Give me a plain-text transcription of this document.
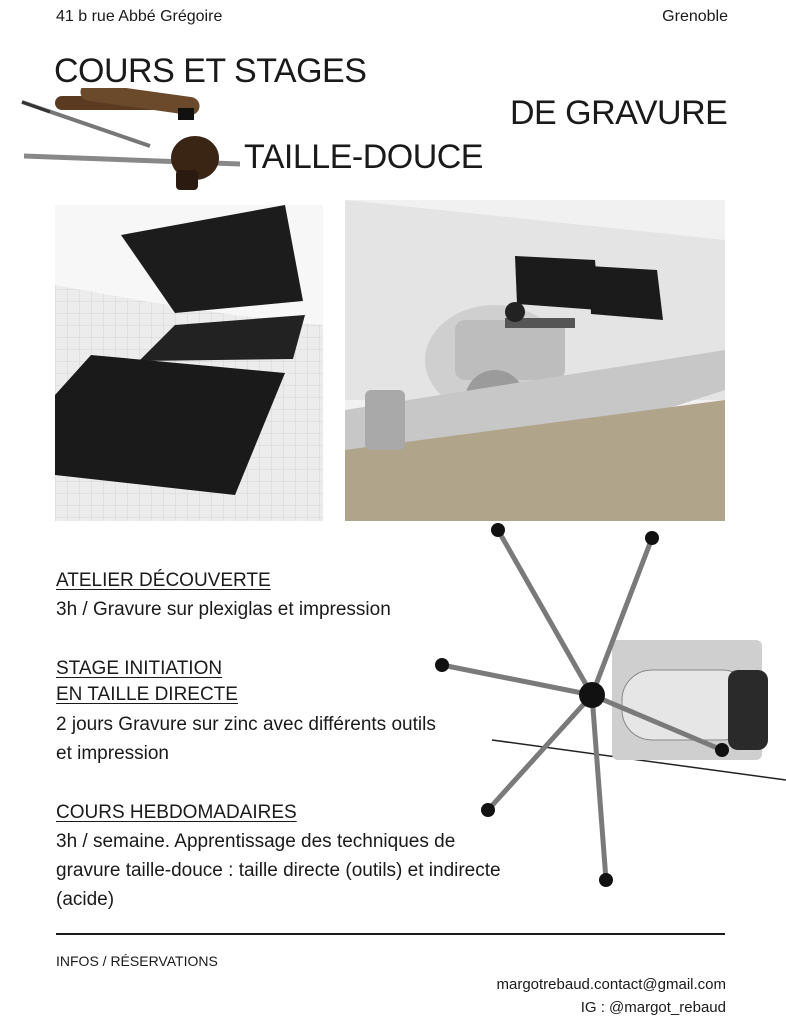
41 b rue Abbé Grégoire	Grenoble
COURS ET STAGES
DE GRAVURE
TAILLE-DOUCE
ATELIER DÉCOUVERTE
3h / Gravure sur plexiglas et impression
STAGE INITIATION
EN TAILLE DIRECTE
2 jours Gravure sur zinc avec différents outils
et impression
COURS HEBDOMADAIRES
3h / semaine. Apprentissage des techniques de
gravure taille-douce : taille directe (outils) et indirecte
(acide)
INFOS / RÉSERVATIONS
margotrebaud.contact@gmail.com
IG : @margot_rebaud
